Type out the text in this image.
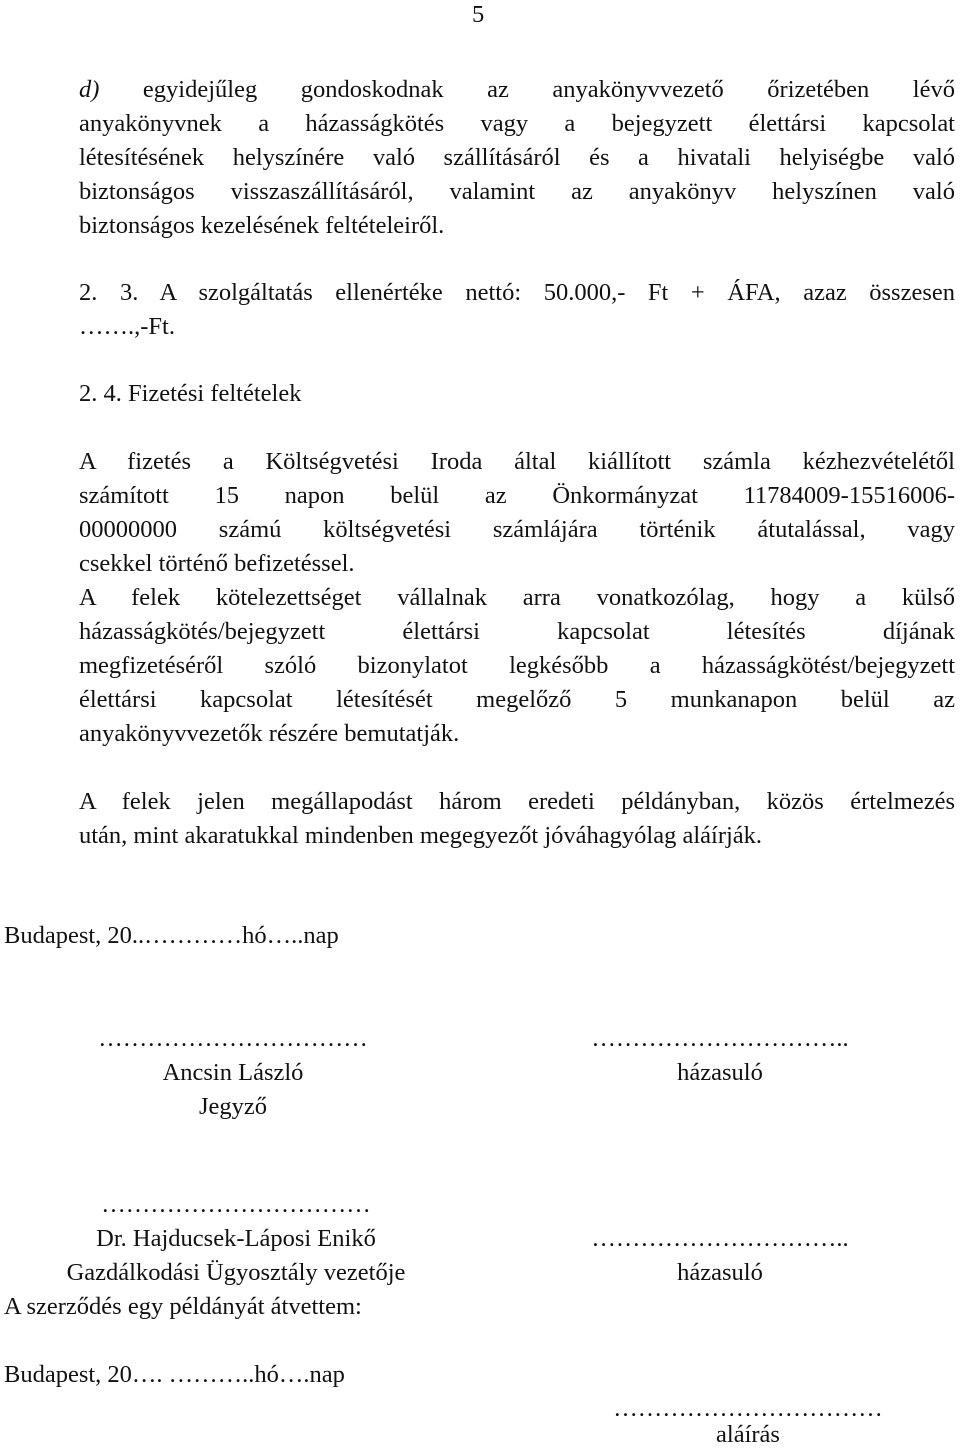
5
d) egyidejűleg gondoskodnak az anyakönyvvezető őrizetében lévő
anyakönyvnek a házasságkötés vagy a bejegyzett élettársi kapcsolat
létesítésének helyszínére való szállításáról és a hivatali helyiségbe való
biztonságos visszaszállításáról, valamint az anyakönyv helyszínen való
biztonságos kezelésének feltételeiről.
2. 3. A szolgáltatás ellenértéke nettó: 50.000,- Ft + ÁFA, azaz összesen
…….,-Ft.
2. 4. Fizetési feltételek
A fizetés a Költségvetési Iroda által kiállított számla kézhezvételétől
számított 15 napon belül az Önkormányzat 11784009-15516006-
00000000 számú költségvetési számlájára történik átutalással, vagy
csekkel történő befizetéssel.
A felek kötelezettséget vállalnak arra vonatkozólag, hogy a külső
házasságkötés/bejegyzett élettársi kapcsolat létesítés díjának
megfizetéséről szóló bizonylatot legkésőbb a házasságkötést/bejegyzett
élettársi kapcsolat létesítését megelőző 5 munkanapon belül az
anyakönyvvezetők részére bemutatják.
A felek jelen megállapodást három eredeti példányban, közös értelmezés
után, mint akaratukkal mindenben megegyezőt jóváhagyólag aláírják.
Budapest, 20..…………hó…..nap
……………………………
Ancsin László
Jegyző
…………………………..
házasuló
……………………………
Dr. Hajducsek-Láposi Enikő
Gazdálkodási Ügyosztály vezetője
…………………………..
házasuló
A szerződés egy példányát átvettem:
Budapest, 20…. ………..hó….nap
……………………………
aláírás
